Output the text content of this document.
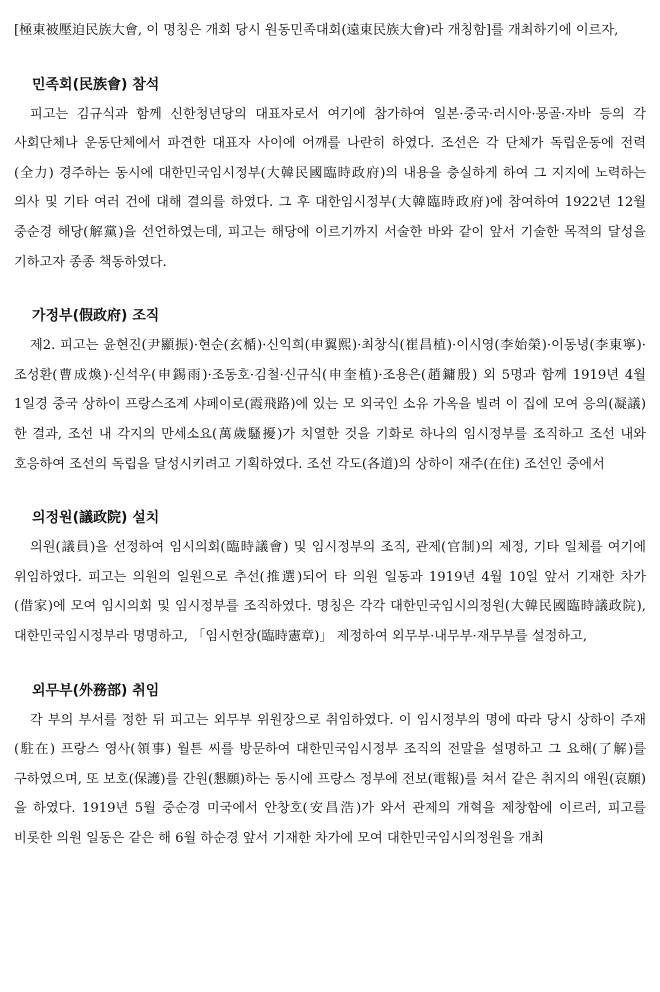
[極東被壓迫民族大會, 이 명칭은 개회 당시 원동민족대회(遠東民族大會)라 개칭함]를 개최하기에 이르자,

민족회(民族會) 참석

피고는 김규식과 함께 신한청년당의 대표자로서 여기에 참가하여 일본·중국·러시아·몽골·자바 등의 각 사회단체나 운동단체에서 파견한 대표자 사이에 어깨를 나란히 하였다. 조선은 각 단체가 독립운동에 전력(全力) 경주하는 동시에 대한민국임시정부(大韓民國臨時政府)의 내용을 충실하게 하여 그 지지에 노력하는 의사 및 기타 여러 건에 대해 결의를 하였다. 그 후 대한임시정부(大韓臨時政府)에 참여하여 1922년 12월 중순경 해당(解黨)을 선언하였는데, 피고는 해당에 이르기까지 서술한 바와 같이 앞서 기술한 목적의 달성을 기하고자 종종 책동하였다.

가정부(假政府) 조직

제2. 피고는 윤현진(尹顯振)·현순(玄楯)·신익희(申翼熙)·최창식(崔昌植)·이시영(李始榮)·이동녕(李東寧)·조성환(曹成煥)·신석우(申錫雨)·조동호·김철·신규식(申奎植)·조용은(趙鏞殷) 외 5명과 함께 1919년 4월 1일경 중국 상하이 프랑스조계 샤페이로(霞飛路)에 있는 모 외국인 소유 가옥을 빌려 이 집에 모여 응의(凝議)한 결과, 조선 내 각지의 만세소요(萬歲騷擾)가 치열한 것을 기화로 하나의 임시정부를 조직하고 조선 내와 호응하여 조선의 독립을 달성시키려고 기획하였다. 조선 각도(各道)의 상하이 재주(在住) 조선인 중에서

의정원(議政院) 설치

의원(議員)을 선정하여 임시의회(臨時議會) 및 임시정부의 조직, 관제(官制)의 제정, 기타 일체를 여기에 위임하였다. 피고는 의원의 일원으로 추선(推選)되어 타 의원 일동과 1919년 4월 10일 앞서 기재한 차가(借家)에 모여 임시의회 및 임시정부를 조직하였다. 명칭은 각각 대한민국임시의정원(大韓民國臨時議政院), 대한민국임시정부라 명명하고, 「임시헌장(臨時憲章)」 제정하여 외무부·내무부·재무부를 설정하고,

외무부(外務部) 취임

각 부의 부서를 정한 뒤 피고는 외무부 위원장으로 취임하였다. 이 임시정부의 명에 따라 당시 상하이 주재(駐在) 프랑스 영사(領事) 월튼 씨를 방문하여 대한민국임시정부 조직의 전말을 설명하고 그 요해(了解)를 구하였으며, 또 보호(保護)를 간원(懇願)하는 동시에 프랑스 정부에 전보(電報)를 쳐서 같은 취지의 애원(哀願)을 하였다. 1919년 5월 중순경 미국에서 안창호(安昌浩)가 와서 관제의 개혁을 제창함에 이르러, 피고를 비롯한 의원 일동은 같은 해 6월 하순경 앞서 기재한 차가에 모여 대한민국임시의정원을 개최
